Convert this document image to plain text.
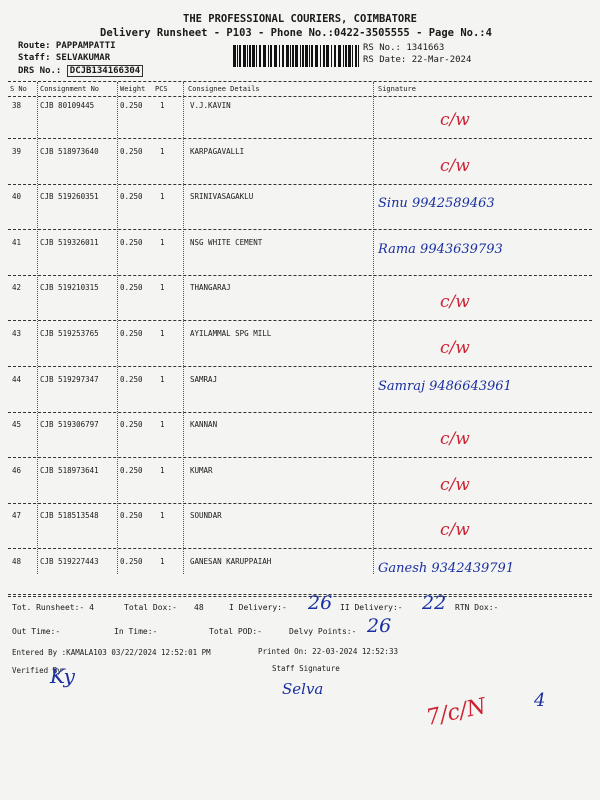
THE PROFESSIONAL COURIERS, COIMBATORE
Delivery Runsheet - P103 - Phone No.:0422-3505555 - Page No.:4
Route: PAPPAMPATTI
Staff: SELVAKUMAR
DRS No.: DCJB134166304
RS No.: 1341663
RS Date: 22-Mar-2024
S No Consignment No	Weight PCS	Consignee Details	Signature
38	CJB 80109445	0.250 1	V.J.KAVIN
c/w
39	CJB 518973640	0.250 1	KARPAGAVALLI
c/w
40	CJB 519260351	0.250 1	SRINIVASAGAKLU	Sinu 9942589463
41	CJB 519326011	0.250 1	NSG WHITE CEMENT	Rama 9943639793
42	CJB 519210315	0.250 1	THANGARAJ
c/w
43	CJB 519253765	0.250 1	AYILAMMAL SPG MILL
c/w
44	CJB 519297347	0.250 1	SAMRAJ	Samraj 9486643961
45	CJB 519306797	0.250 1	KANNAN
c/w
46	CJB 518973641	0.250 1	KUMAR
c/w
47	CJB 518513548	0.250 1	SOUNDAR
c/w
48	CJB 519227443	0.250 1	GANESAN KARUPPAIAH	Ganesh 9342439791
Tot. Runsheet:- 4	Total Dox:- 48	I Delivery:- 26 II Delivery:- 22 RTN Dox:-
Out Time:-	In Time:-	Total POD:-	Delvy Points:- 26
Entered By :KAMALA103 03/22/2024 12:52:01 PM	Printed On: 22-03-2024 12:52:33
Verified By	Staff Signature
Ky
Selva
7/c/N	4
